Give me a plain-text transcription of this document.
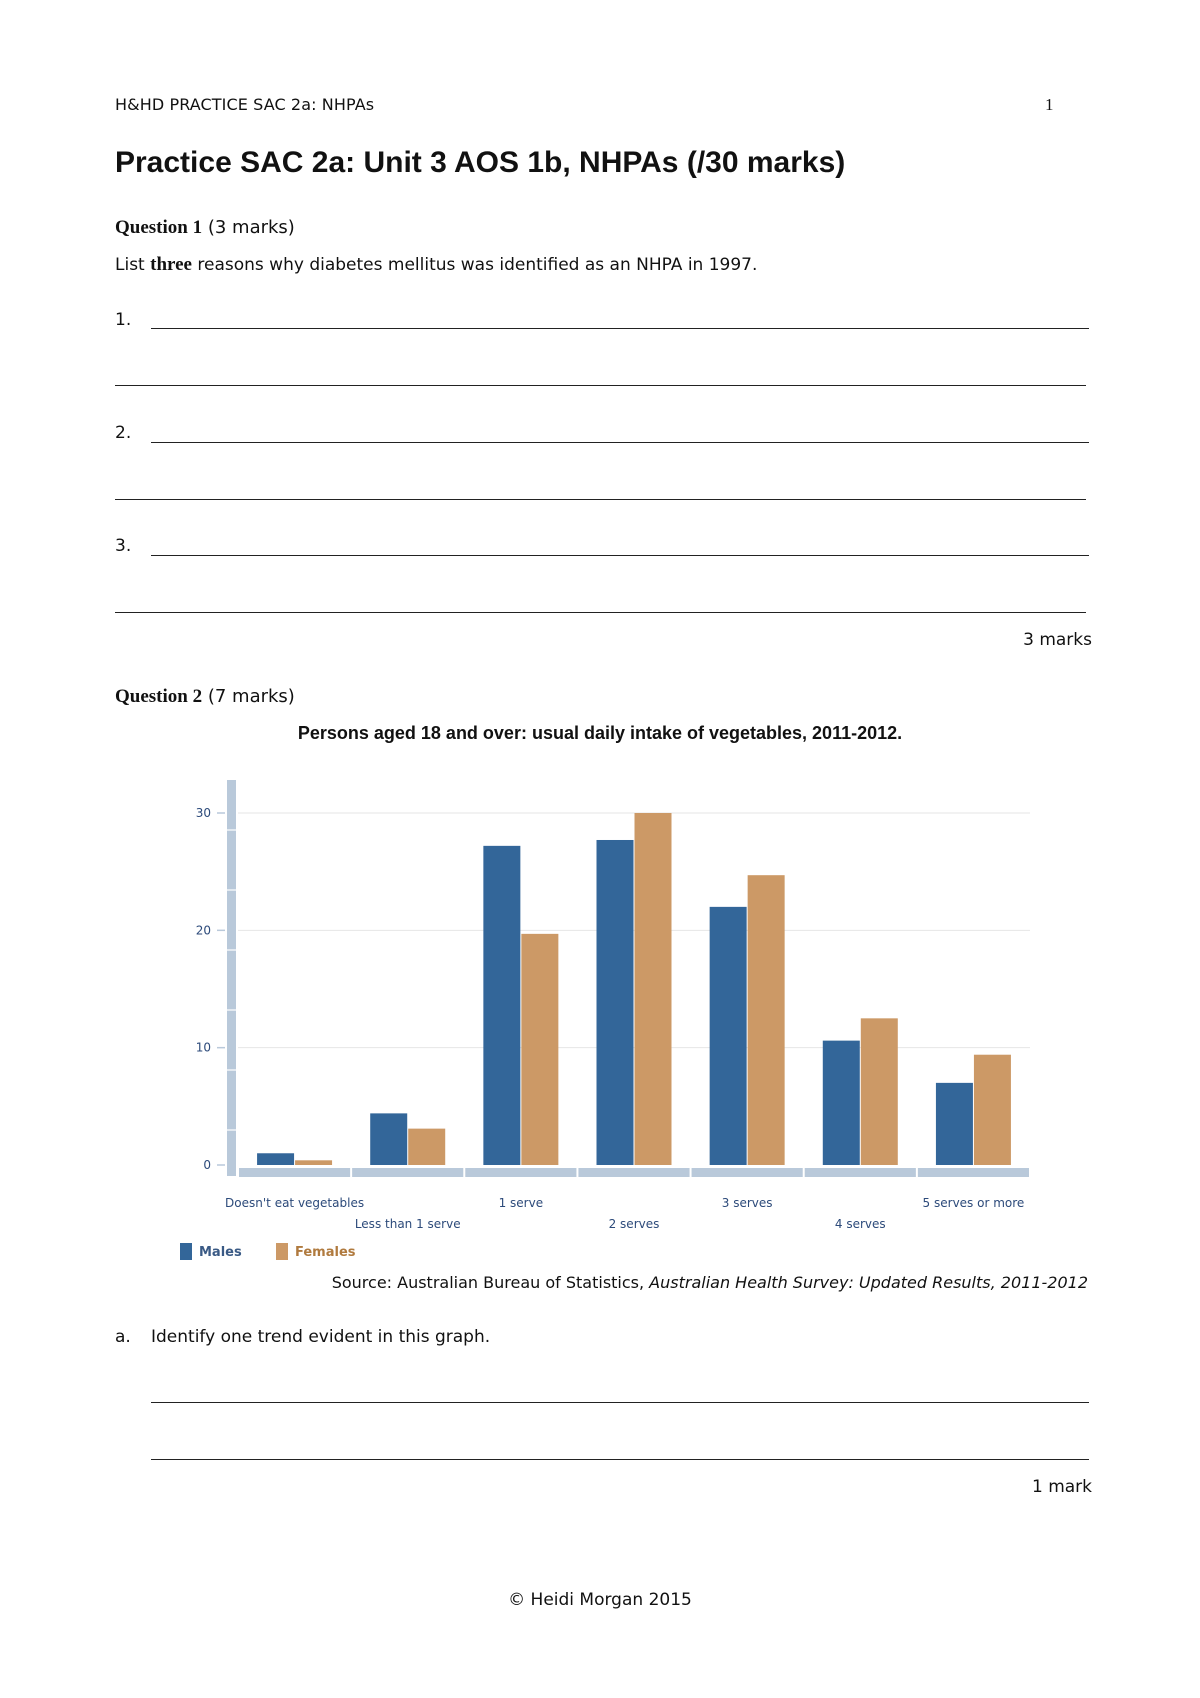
H&HD PRACTICE SAC 2a: NHPAs	1
Practice SAC 2a: Unit 3 AOS 1b, NHPAs (/30 marks)
Question 1 (3 marks)
List three reasons why diabetes mellitus was identified as an NHPA in 1997.
1.
2.
3.
3 marks
Question 2 (7 marks)
Persons aged 18 and over: usual daily intake of vegetables, 2011-2012.
0
10
20
30
Doesn't eat vegetables
Less than 1 serve
1 serve
2 serves
3 serves
4 serves
5 serves or more
Males	Females
Source: Australian Bureau of Statistics, Australian Health Survey: Updated Results, 2011-2012
a. Identify one trend evident in this graph.
1 mark
© Heidi Morgan 2015
